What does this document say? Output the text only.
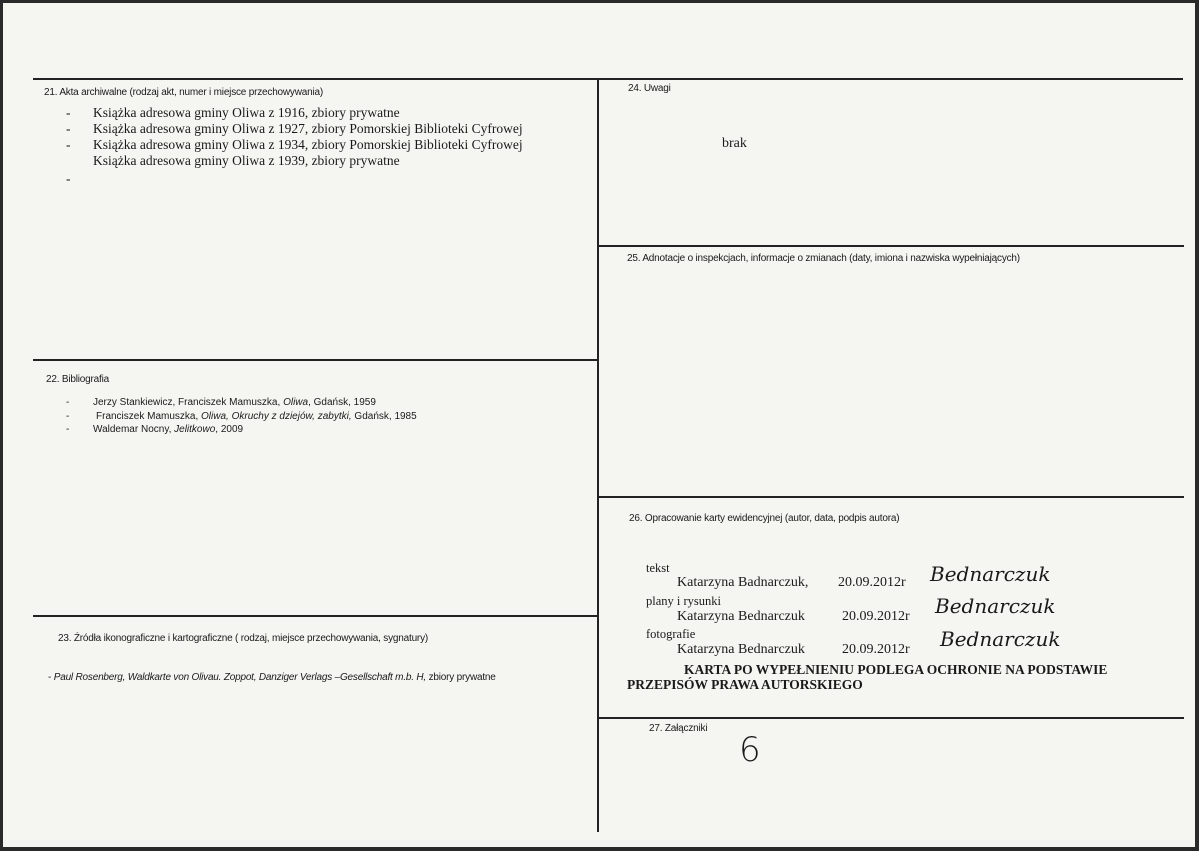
21. Akta archiwalne (rodzaj akt, numer i miejsce przechowywania)
- Książka adresowa gminy Oliwa z 1916, zbiory prywatne
- Książka adresowa gminy Oliwa z 1927, zbiory Pomorskiej Biblioteki Cyfrowej
- Książka adresowa gminy Oliwa z 1934, zbiory Pomorskiej Biblioteki Cyfrowej
Książka adresowa gminy Oliwa z 1939, zbiory prywatne
-
22. Bibliografia
- Jerzy Stankiewicz, Franciszek Mamuszka, Oliwa, Gdańsk, 1959
-	Franciszek Mamuszka, Oliwa, Okruchy z dziejów, zabytki, Gdańsk, 1985
- Waldemar Nocny, Jelitkowo, 2009
23. Źródła ikonograficzne i kartograficzne ( rodzaj, miejsce przechowywania, sygnatury)
- Paul Rosenberg, Waldkarte von Olivau. Zoppot, Danziger Verlags –Gesellschaft m.b. H, zbiory prywatne
24. Uwagi
brak
25. Adnotacje o inspekcjach, informacje o zmianach (daty, imiona i nazwiska wypełniających)
26. Opracowanie karty ewidencyjnej (autor, data, podpis autora)
tekst
Katarzyna Badnarczuk, 20.09.2012r Bednarczuk
plany i rysunki
Katarzyna Bednarczuk	20.09.2012r Bednarczuk
fotografie
Katarzyna Bednarczuk	20.09.2012r Bednarczuk
KARTA PO WYPEŁNIENIU PODLEGA OCHRONIE NA PODSTAWIE
PRZEPISÓW PRAWA AUTORSKIEGO
27. Załączniki
6
